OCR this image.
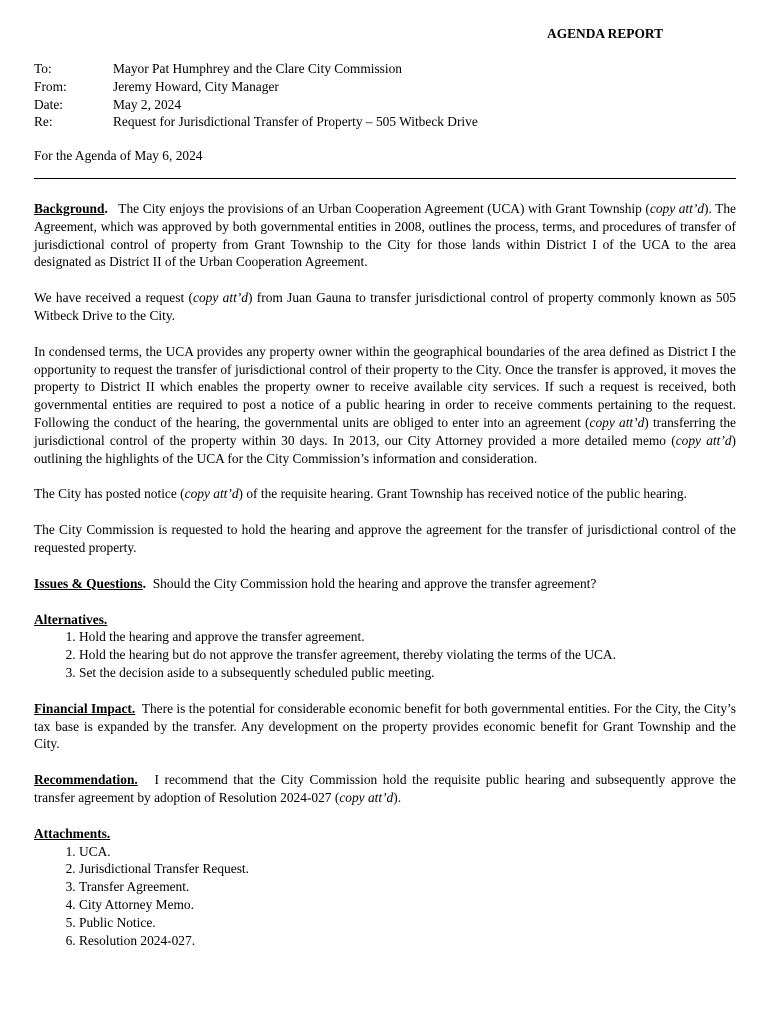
AGENDA REPORT
To:	Mayor Pat Humphrey and the Clare City Commission
From:	Jeremy Howard, City Manager
Date:	May 2, 2024
Re:	Request for Jurisdictional Transfer of Property – 505 Witbeck Drive
For the Agenda of May 6, 2024

Background. The City enjoys the provisions of an Urban Cooperation Agreement (UCA) with Grant Township (copy att’d). The Agreement, which was approved by both governmental entities in 2008, outlines the process, terms, and procedures of transfer of jurisdictional control of property from Grant Township to the City for those lands within District I of the UCA to the area designated as District II of the Urban Cooperation Agreement.

We have received a request (copy att’d) from Juan Gauna to transfer jurisdictional control of property commonly known as 505 Witbeck Drive to the City.

In condensed terms, the UCA provides any property owner within the geographical boundaries of the area defined as District I the opportunity to request the transfer of jurisdictional control of their property to the City. Once the transfer is approved, it moves the property to District II which enables the property owner to receive available city services. If such a request is received, both governmental entities are required to post a notice of a public hearing in order to receive comments pertaining to the request. Following the conduct of the hearing, the governmental units are obliged to enter into an agreement (copy att’d) transferring the jurisdictional control of the property within 30 days. In 2013, our City Attorney provided a more detailed memo (copy att’d) outlining the highlights of the UCA for the City Commission’s information and consideration.

The City has posted notice (copy att’d) of the requisite hearing. Grant Township has received notice of the public hearing.

The City Commission is requested to hold the hearing and approve the agreement for the transfer of jurisdictional control of the requested property.

Issues & Questions. Should the City Commission hold the hearing and approve the transfer agreement?

Alternatives.
1. Hold the hearing and approve the transfer agreement.
2. Hold the hearing but do not approve the transfer agreement, thereby violating the terms of the UCA.
3. Set the decision aside to a subsequently scheduled public meeting.

Financial Impact. There is the potential for considerable economic benefit for both governmental entities. For the City, the City’s tax base is expanded by the transfer. Any development on the property provides economic benefit for Grant Township and the City.

Recommendation. I recommend that the City Commission hold the requisite public hearing and subsequently approve the transfer agreement by adoption of Resolution 2024-027 (copy att’d).

Attachments.
1. UCA.
2. Jurisdictional Transfer Request.
3. Transfer Agreement.
4. City Attorney Memo.
5. Public Notice.
6. Resolution 2024-027.
